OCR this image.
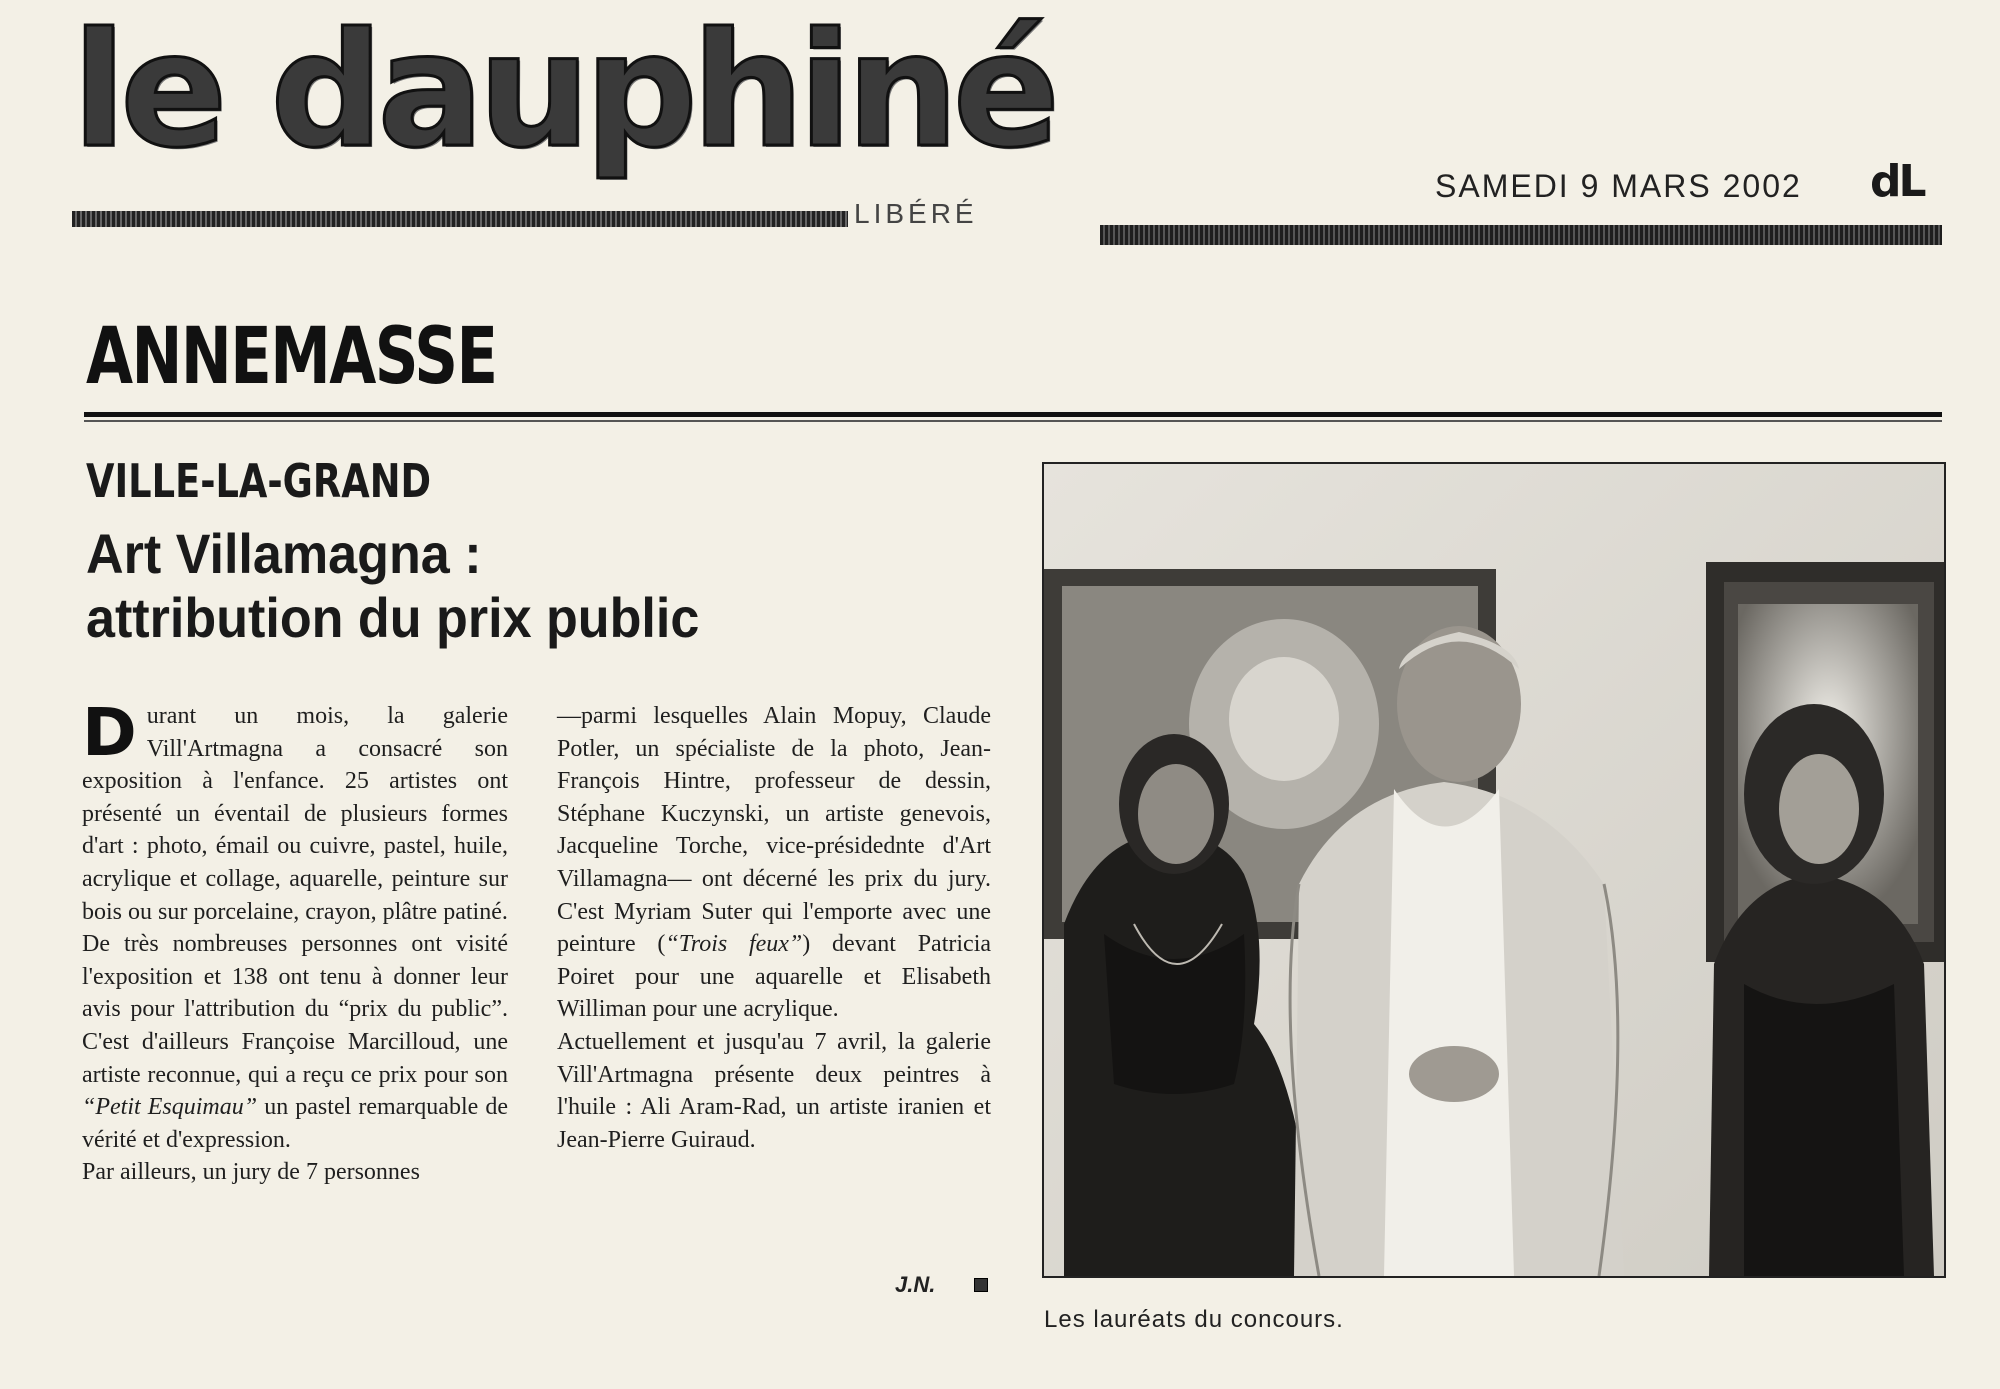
le dauphiné
LIBÉRÉ
SAMEDI 9 MARS 2002 dL
ANNEMASSE
VILLE-LA-GRAND
Art Villamagna :
attribution du prix public

Durant un mois, la galerie Vill'Artmagna a consacré son exposition à l'enfance. 25 artistes ont présenté un éventail de plusieurs formes d'art : photo, émail ou cuivre, pastel, huile, acrylique et collage, aquarelle, peinture sur bois ou sur porcelaine, crayon, plâtre patiné.

De très nombreuses personnes ont visité l'exposition et 138 ont tenu à donner leur avis pour l'attribution du “prix du public”. C'est d'ailleurs Françoise Marcilloud, une artiste reconnue, qui a reçu ce prix pour son “Petit Esquimau” un pastel remarquable de vérité et d'expression.

Par ailleurs, un jury de 7 personnes

—parmi lesquelles Alain Mopuy, Claude Potler, un spécialiste de la photo, Jean-François Hintre, professeur de dessin, Stéphane Kuczynski, un artiste genevois, Jacqueline Torche, vice-présidednte d'Art Villamagna— ont décerné les prix du jury. C'est Myriam Suter qui l'emporte avec une peinture (“Trois feux”) devant Patricia Poiret pour une aquarelle et Elisabeth Williman pour une acrylique.

Actuellement et jusqu'au 7 avril, la galerie Vill'Artmagna présente deux peintres à l'huile : Ali Aram-Rad, un artiste iranien et Jean-Pierre Guiraud.

J.N.
Les lauréats du concours.
